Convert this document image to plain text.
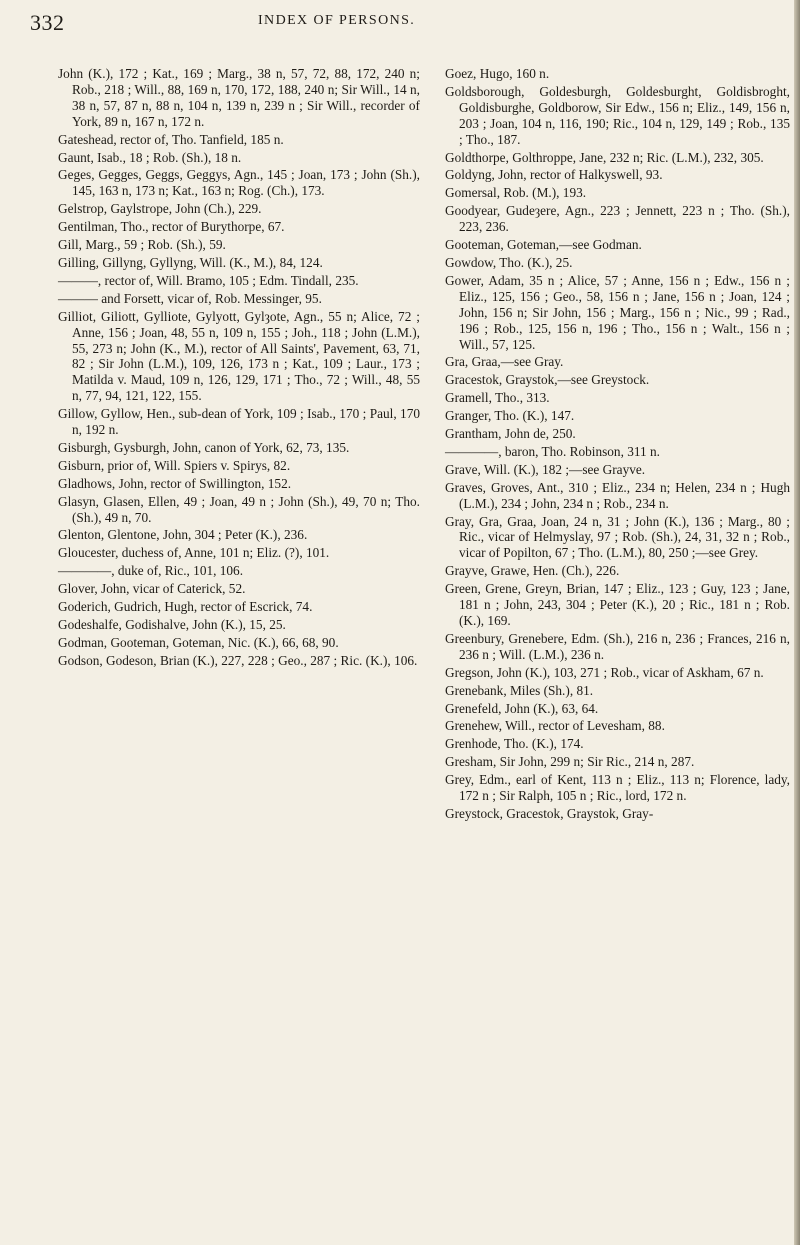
332	INDEX OF PERSONS.

John (K.), 172 ; Kat., 169 ; Marg., 38 n, 57, 72, 88, 172, 240 n; Rob., 218 ; Will., 88, 169 n, 170, 172, 188, 240 n; Sir Will., 14 n, 38 n, 57, 87 n, 88 n, 104 n, 139 n, 239 n ; Sir Will., recorder of York, 89 n, 167 n, 172 n.

Gateshead, rector of, Tho. Tanfield, 185 n.

Gaunt, Isab., 18 ; Rob. (Sh.), 18 n.

Geges, Gegges, Geggs, Geggys, Agn., 145 ; Joan, 173 ; John (Sh.), 145, 163 n, 173 n; Kat., 163 n; Rog. (Ch.), 173.

Gelstrop, Gaylstrope, John (Ch.), 229.

Gentilman, Tho., rector of Burythorpe, 67.

Gill, Marg., 59 ; Rob. (Sh.), 59.

Gilling, Gillyng, Gyllyng, Will. (K., M.), 84, 124.

———, rector of, Will. Bramo, 105 ; Edm. Tindall, 235.

——— and Forsett, vicar of, Rob. Messinger, 95.

Gilliot, Giliott, Gylliote, Gylyott, Gylȝote, Agn., 55 n; Alice, 72 ; Anne, 156 ; Joan, 48, 55 n, 109 n, 155 ; Joh., 118 ; John (L.M.), 55, 273 n; John (K., M.), rector of All Saints', Pavement, 63, 71, 82 ; Sir John (L.M.), 109, 126, 173 n ; Kat., 109 ; Laur., 173 ; Matilda v. Maud, 109 n, 126, 129, 171 ; Tho., 72 ; Will., 48, 55 n, 77, 94, 121, 122, 155.

Gillow, Gyllow, Hen., sub-dean of York, 109 ; Isab., 170 ; Paul, 170 n, 192 n.

Gisburgh, Gysburgh, John, canon of York, 62, 73, 135.

Gisburn, prior of, Will. Spiers v. Spirys, 82.

Gladhows, John, rector of Swillington, 152.

Glasyn, Glasen, Ellen, 49 ; Joan, 49 n ; John (Sh.), 49, 70 n; Tho. (Sh.), 49 n, 70.

Glenton, Glentone, John, 304 ; Peter (K.), 236.

Gloucester, duchess of, Anne, 101 n; Eliz. (?), 101.

————, duke of, Ric., 101, 106.

Glover, John, vicar of Caterick, 52.

Goderich, Gudrich, Hugh, rector of Escrick, 74.

Godeshalfe, Godishalve, John (K.), 15, 25.

Godman, Gooteman, Goteman, Nic. (K.), 66, 68, 90.

Godson, Godeson, Brian (K.), 227, 228 ; Geo., 287 ; Ric. (K.), 106.

Goez, Hugo, 160 n.

Goldsborough, Goldesburgh, Goldesburght, Goldisbroght, Goldisburghe, Goldborow, Sir Edw., 156 n; Eliz., 149, 156 n, 203 ; Joan, 104 n, 116, 190; Ric., 104 n, 129, 149 ; Rob., 135 ; Tho., 187.

Goldthorpe, Golthroppe, Jane, 232 n; Ric. (L.M.), 232, 305.

Goldyng, John, rector of Halkyswell, 93.

Gomersal, Rob. (M.), 193.

Goodyear, Gudeȝere, Agn., 223 ; Jennett, 223 n ; Tho. (Sh.), 223, 236.

Gooteman, Goteman,—see Godman.

Gowdow, Tho. (K.), 25.

Gower, Adam, 35 n ; Alice, 57 ; Anne, 156 n ; Edw., 156 n ; Eliz., 125, 156 ; Geo., 58, 156 n ; Jane, 156 n ; Joan, 124 ; John, 156 n; Sir John, 156 ; Marg., 156 n ; Nic., 99 ; Rad., 196 ; Rob., 125, 156 n, 196 ; Tho., 156 n ; Walt., 156 n ; Will., 57, 125.

Gra, Graa,—see Gray.

Gracestok, Graystok,—see Greystock.

Gramell, Tho., 313.

Granger, Tho. (K.), 147.

Grantham, John de, 250.

————, baron, Tho. Robinson, 311 n.

Grave, Will. (K.), 182 ;—see Grayve.

Graves, Groves, Ant., 310 ; Eliz., 234 n; Helen, 234 n ; Hugh (L.M.), 234 ; John, 234 n ; Rob., 234 n.

Gray, Gra, Graa, Joan, 24 n, 31 ; John (K.), 136 ; Marg., 80 ; Ric., vicar of Helmyslay, 97 ; Rob. (Sh.), 24, 31, 32 n ; Rob., vicar of Popilton, 67 ; Tho. (L.M.), 80, 250 ;—see Grey.

Grayve, Grawe, Hen. (Ch.), 226.

Green, Grene, Greyn, Brian, 147 ; Eliz., 123 ; Guy, 123 ; Jane, 181 n ; John, 243, 304 ; Peter (K.), 20 ; Ric., 181 n ; Rob. (K.), 169.

Greenbury, Grenebere, Edm. (Sh.), 216 n, 236 ; Frances, 216 n, 236 n ; Will. (L.M.), 236 n.

Gregson, John (K.), 103, 271 ; Rob., vicar of Askham, 67 n.

Grenebank, Miles (Sh.), 81.

Grenefeld, John (K.), 63, 64.

Grenehew, Will., rector of Levesham, 88.

Grenhode, Tho. (K.), 174.

Gresham, Sir John, 299 n; Sir Ric., 214 n, 287.

Grey, Edm., earl of Kent, 113 n ; Eliz., 113 n; Florence, lady, 172 n ; Sir Ralph, 105 n ; Ric., lord, 172 n.

Greystock, Gracestok, Graystok, Gray-
